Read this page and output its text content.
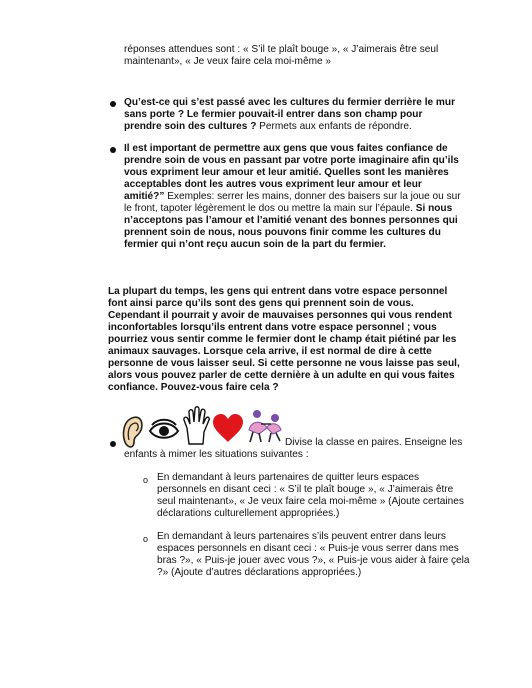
réponses attendues sont : « S’il te plaît bouge », « J’aimerais être seul
maintenant», « Je veux faire cela moi-même »

Qu’est-ce qui s’est passé avec les cultures du fermier derrière le mur sans porte ? Le fermier pouvait-il entrer dans son champ pour prendre soin des cultures ? Permets aux enfants de répondre.

Il est important de permettre aux gens que vous faites confiance de prendre soin de vous en passant par votre porte imaginaire afin qu’ils vous expriment leur amour et leur amitié. Quelles sont les manières acceptables dont les autres vous expriment leur amour et leur amitié?” Exemples: serrer les mains, donner des baisers sur la joue ou sur le front, tapoter légèrement le dos ou mettre la main sur l’épaule. Si nous n’acceptons pas l’amour et l’amitié venant des bonnes personnes qui prennent soin de nous, nous pouvons finir comme les cultures du fermier qui n’ont reçu aucun soin de la part du fermier.

La plupart du temps, les gens qui entrent dans votre espace personnel font ainsi parce qu’ils sont des gens qui prennent soin de vous. Cependant il pourrait y avoir de mauvaises personnes qui vous rendent inconfortables lorsqu’ils entrent dans votre espace personnel ; vous pourriez vous sentir comme le fermier dont le champ était piétiné par les animaux sauvages. Lorsque cela arrive, il est normal de dire à cette personne de vous laisser seul. Si cette personne ne vous laisse pas seul, alors vous pouvez parler de cette dernière à un adulte en qui vous faites confiance. Pouvez-vous faire cela ?

Divise la classe en paires. Enseigne les
enfants à mimer les situations suivantes :
o En demandant à leurs partenaires de quitter leurs espaces personnels en disant ceci : « S’il te plaît bouge », « J’aimerais être seul maintenant», « Je veux faire cela moi-même » (Ajoute certaines déclarations culturellement appropriées.)

o En demandant à leurs partenaires s’ils peuvent entrer dans leurs espaces personnels en disant ceci : « Puis-je vous serrer dans mes bras ?», « Puis-je jouer avec vous ?», « Puis-je vous aider à faire çela ?» (Ajoute d’autres déclarations appropriées.)
